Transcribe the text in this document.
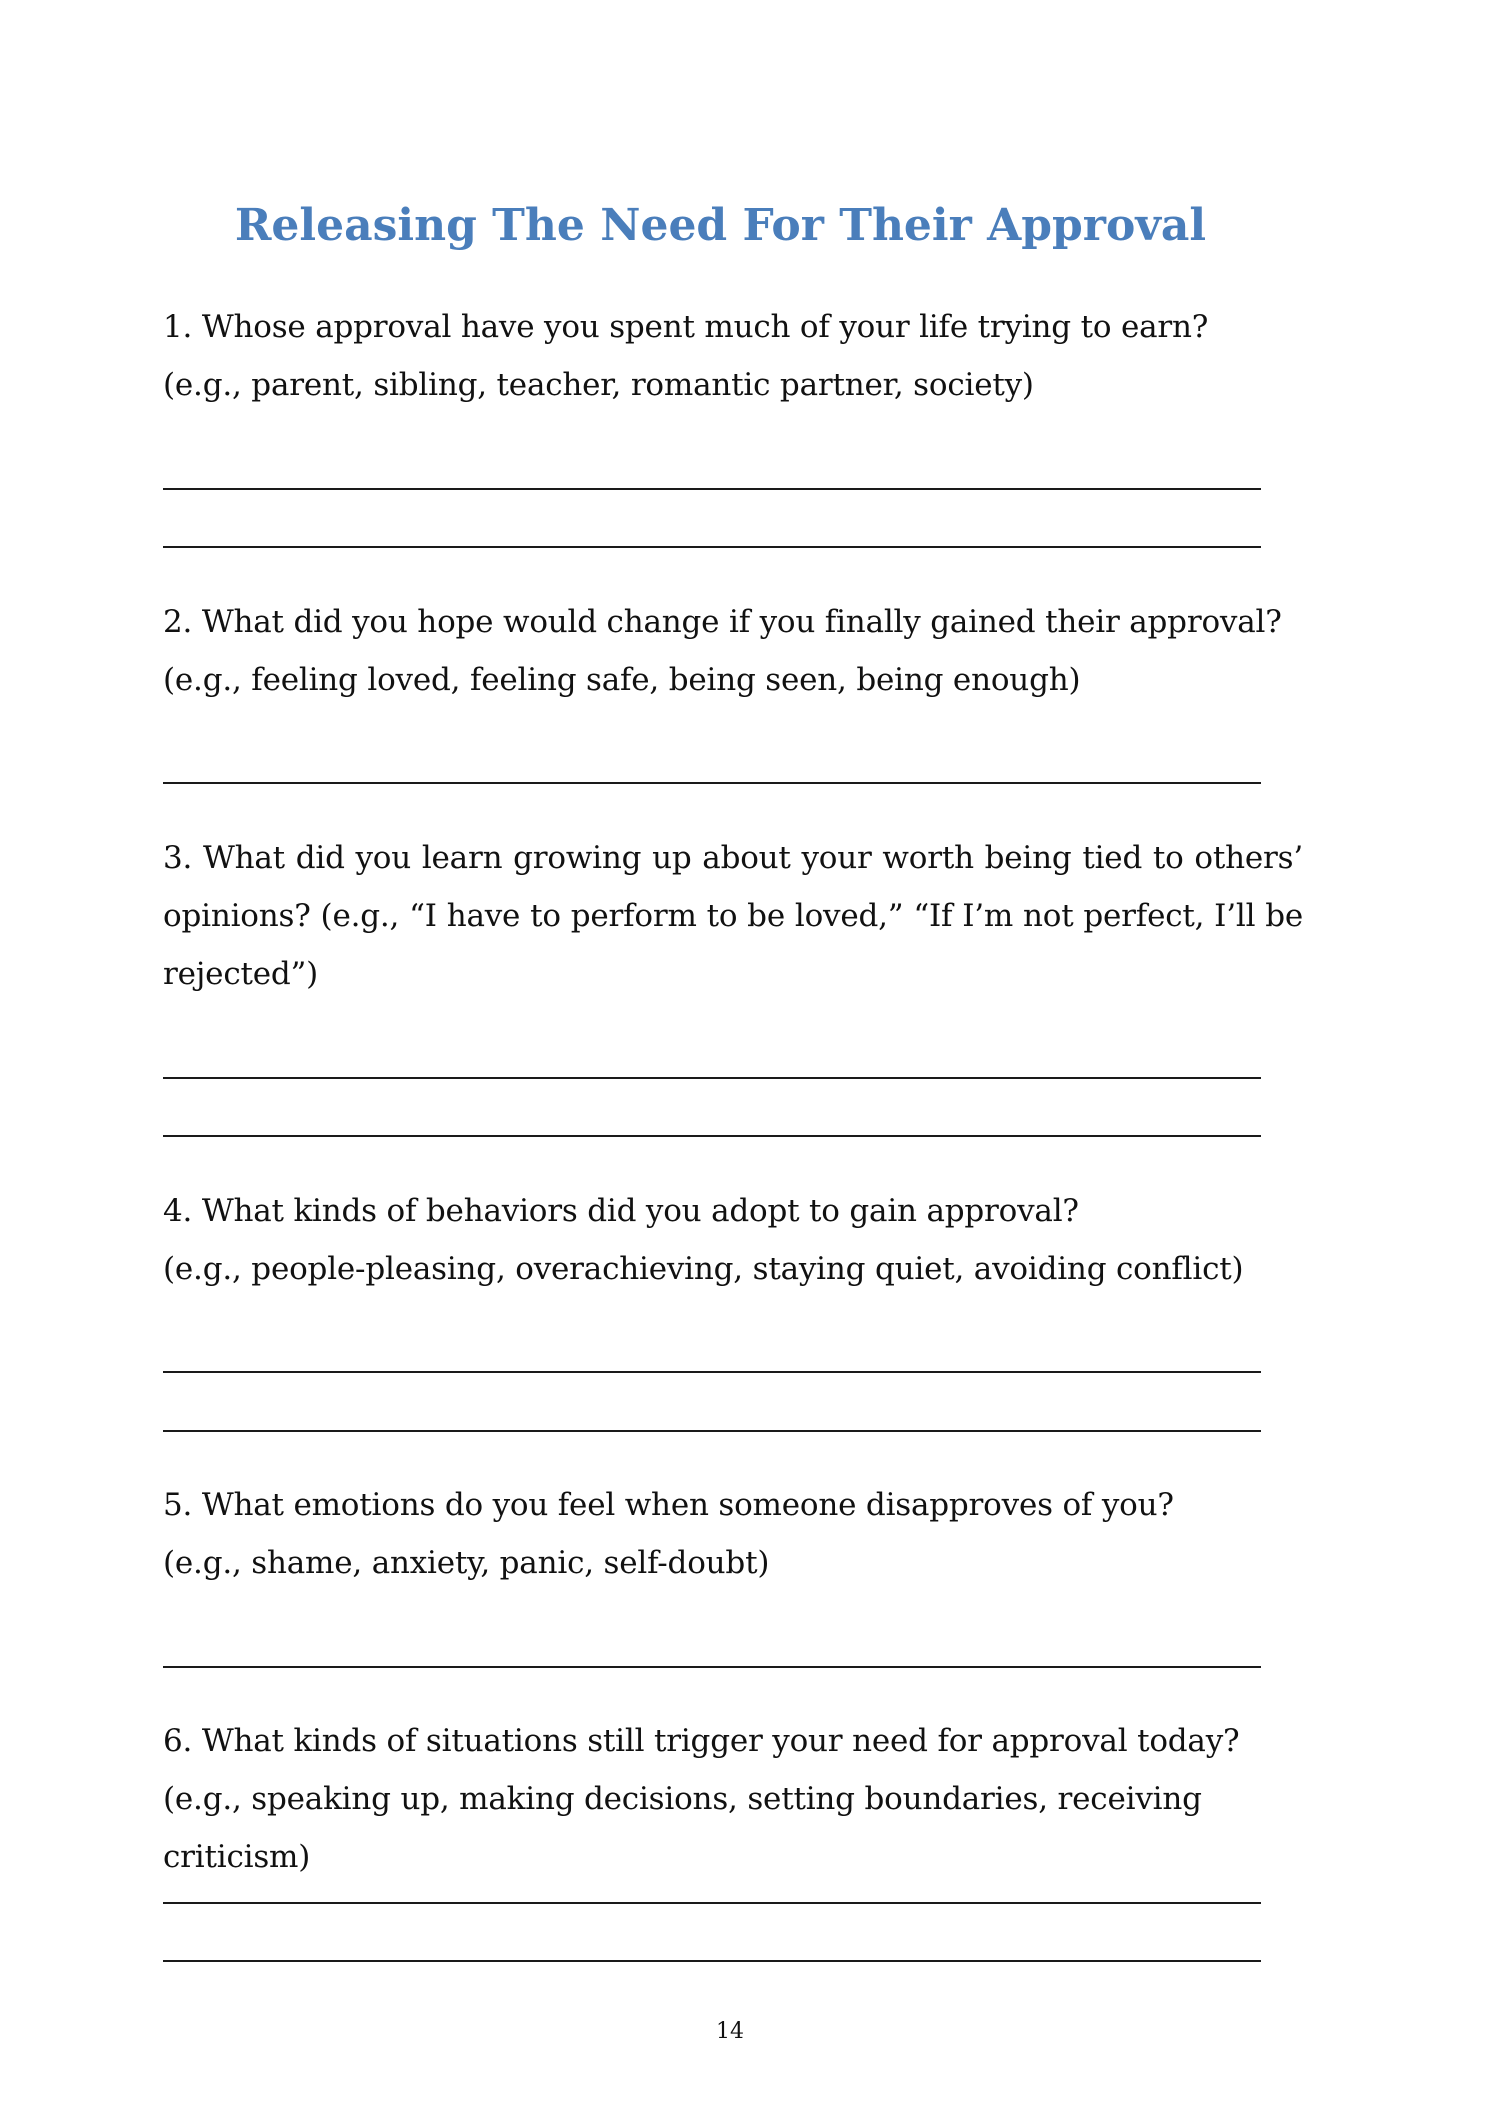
Releasing The Need For Their Approval

1. Whose approval have you spent much of your life trying to earn?

(e.g., parent, sibling, teacher, romantic partner, society)

2. What did you hope would change if you finally gained their approval?

(e.g., feeling loved, feeling safe, being seen, being enough)

3. What did you learn growing up about your worth being tied to others’ opinions? (e.g., “I have to perform to be loved,” “If I’m not perfect, I’ll be rejected”)

4. What kinds of behaviors did you adopt to gain approval?

(e.g., people-pleasing, overachieving, staying quiet, avoiding conflict)

5. What emotions do you feel when someone disapproves of you?

(e.g., shame, anxiety, panic, self-doubt)

6. What kinds of situations still trigger your need for approval today?

(e.g., speaking up, making decisions, setting boundaries, receiving criticism)

14
